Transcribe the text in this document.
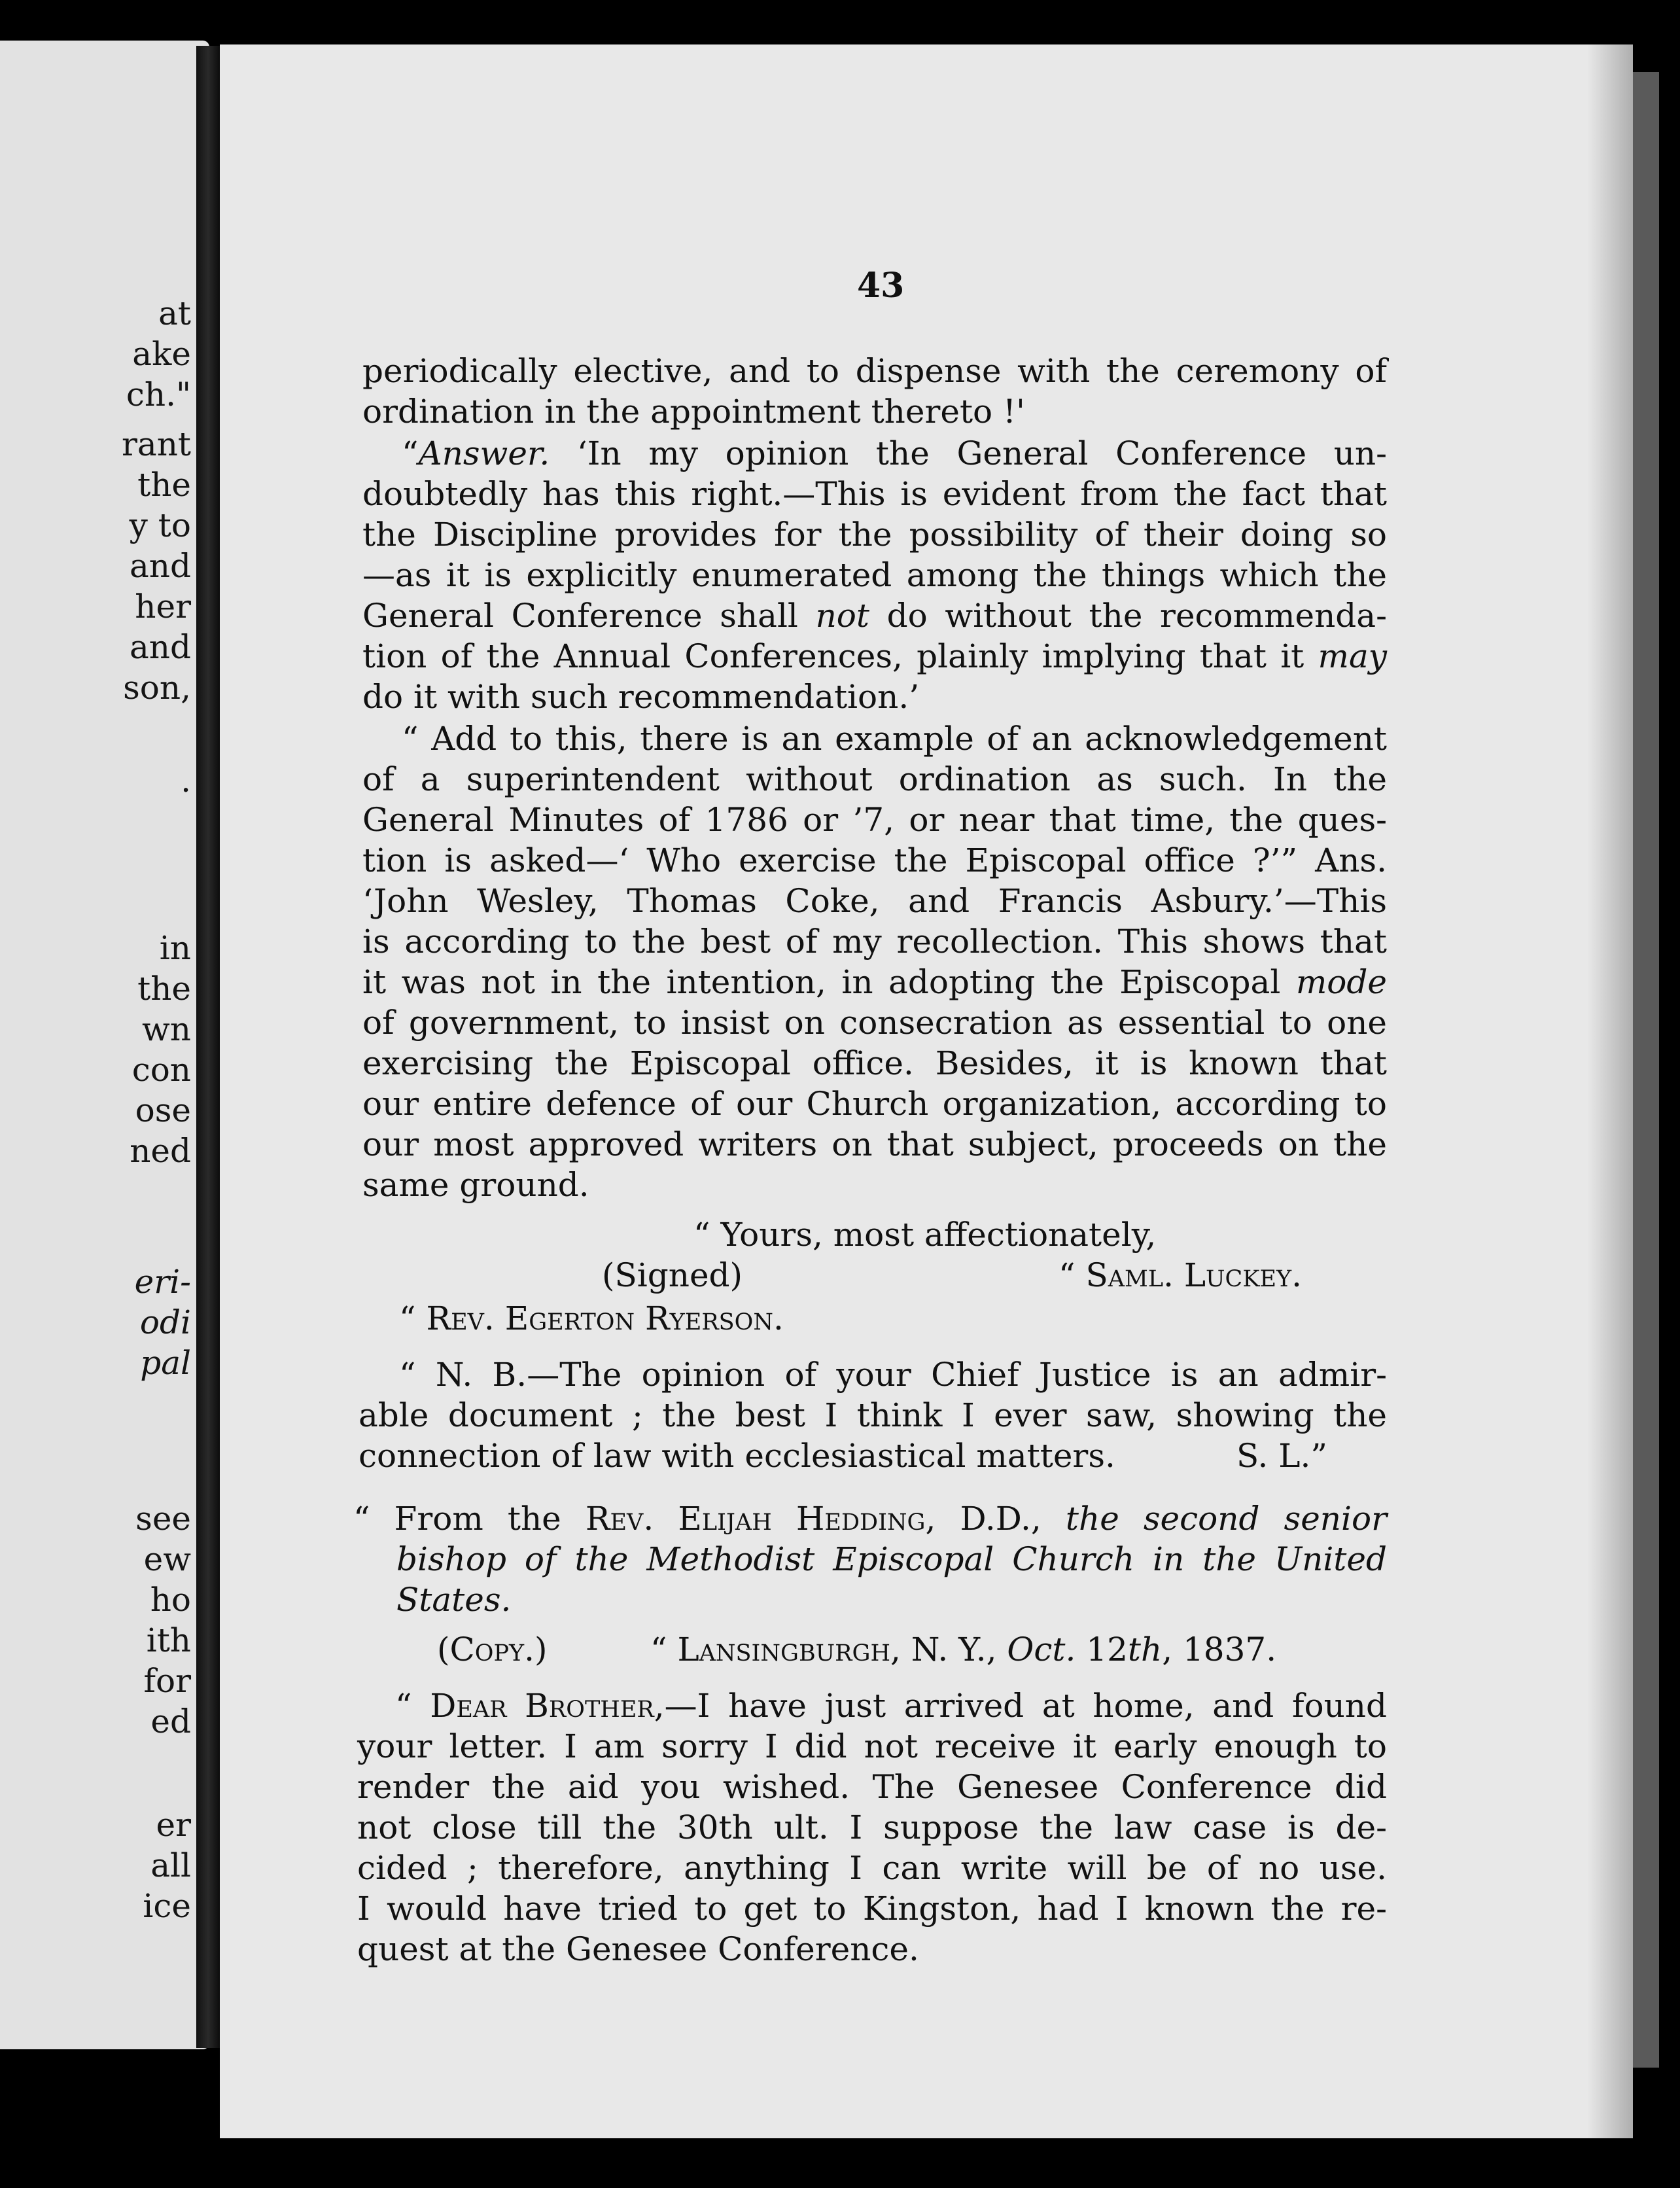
at
ake
ch."
rant
the
y to
and
her
and
son,
.
in
the
wn
con
ose
ned
eri-
odi
pal
see
ew
ho
ith
for
ed
er
all
ice
43
periodically elective, and to dispense with the ceremony of
ordination in the appointment thereto !'
“Answer. ‘In my opinion the General Conference un-
doubtedly has this right.—This is evident from the fact that
the Discipline provides for the possibility of their doing so
—as it is explicitly enumerated among the things which the
General Conference shall not do without the recommenda-
tion of the Annual Conferences, plainly implying that it may
do it with such recommendation.’
“ Add to this, there is an example of an acknowledgement
of a superintendent without ordination as such. In the
General Minutes of 1786 or ’7, or near that time, the ques-
tion is asked—‘ Who exercise the Episcopal office ?’” Ans.
‘John Wesley, Thomas Coke, and Francis Asbury.’—This
is according to the best of my recollection. This shows that
it was not in the intention, in adopting the Episcopal mode
of government, to insist on consecration as essential to one
exercising the Episcopal office. Besides, it is known that
our entire defence of our Church organization, according to
our most approved writers on that subject, proceeds on the
same ground.
“ Yours, most affectionately,
(Signed)	“ Saml. Luckey.
“ Rev. Egerton Ryerson.
“ N. B.—The opinion of your Chief Justice is an admir-
able document ; the best I think I ever saw, showing the
connection of law with ecclesiastical matters.	S. L.”
“ From the Rev. Elijah Hedding, D.D., the second senior
bishop of the Methodist Episcopal Church in the United
States.
(Copy.)	“ Lansingburgh, N. Y., Oct. 12th, 1837.
“ Dear Brother,—I have just arrived at home, and found
your letter. I am sorry I did not receive it early enough to
render the aid you wished. The Genesee Conference did
not close till the 30th ult. I suppose the law case is de-
cided ; therefore, anything I can write will be of no use.
I would have tried to get to Kingston, had I known the re-
quest at the Genesee Conference.
